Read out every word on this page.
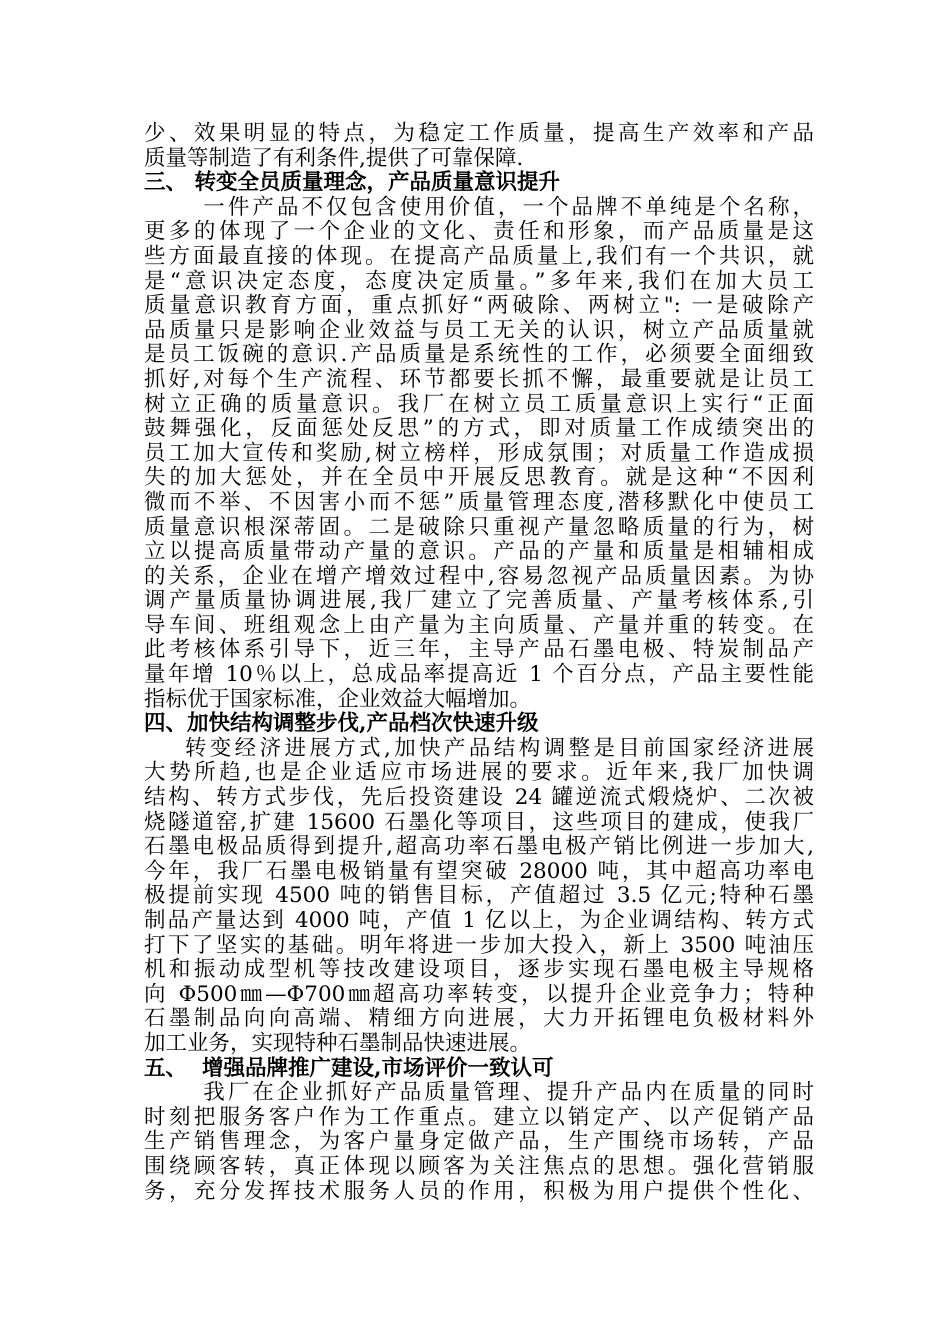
少、效果明显的特点，为稳定工作质量，提高生产效率和产品
质量等制造了有利条件,提供了可靠保障.
三、 转变全员质量理念，产品质量意识提升
一件产品不仅包含使用价值，一个品牌不单纯是个名称，
更多的体现了一个企业的文化、责任和形象，而产品质量是这
些方面最直接的体现。在提高产品质量上,我们有一个共识，就
是“意识决定态度，态度决定质量。”多年来,我们在加大员工
质量意识教育方面，重点抓好“两破除、两树立": 一是破除产
品质量只是影响企业效益与员工无关的认识，树立产品质量就
是员工饭碗的意识.产品质量是系统性的工作，必须要全面细致
抓好,对每个生产流程、环节都要长抓不懈，最重要就是让员工
树立正确的质量意识。我厂在树立员工质量意识上实行“正面
鼓舞强化，反面惩处反思”的方式，即对质量工作成绩突出的
员工加大宣传和奖励,树立榜样，形成氛围；对质量工作造成损
失的加大惩处，并在全员中开展反思教育。就是这种“不因利
微而不举、不因害小而不惩”质量管理态度,潜移默化中使员工
质量意识根深蒂固。二是破除只重视产量忽略质量的行为，树
立以提高质量带动产量的意识。产品的产量和质量是相辅相成
的关系，企业在增产增效过程中,容易忽视产品质量因素。为协
调产量质量协调进展,我厂建立了完善质量、产量考核体系,引
导车间、班组观念上由产量为主向质量、产量并重的转变。在
此考核体系引导下，近三年，主导产品石墨电极、特炭制品产
量年增 10％以上，总成品率提高近 1 个百分点，产品主要性能
指标优于国家标准，企业效益大幅增加。
四、加快结构调整步伐,产品档次快速升级
转变经济进展方式,加快产品结构调整是目前国家经济进展
大势所趋,也是企业适应市场进展的要求。近年来,我厂加快调
结构、转方式步伐，先后投资建设 24 罐逆流式煅烧炉、二次被
烧隧道窑,扩建 15600 石墨化等项目，这些项目的建成，使我厂
石墨电极品质得到提升,超高功率石墨电极产销比例进一步加大,
今年，我厂石墨电极销量有望突破 28000 吨，其中超高功率电
极提前实现 4500 吨的销售目标，产值超过 3.5 亿元;特种石墨
制品产量达到 4000 吨，产值 1 亿以上，为企业调结构、转方式
打下了坚实的基础。明年将进一步加大投入，新上 3500 吨油压
机和振动成型机等技改建设项目，逐步实现石墨电极主导规格
向 Φ500㎜—Φ700㎜超高功率转变，以提升企业竞争力；特种
石墨制品向向高端、精细方向进展，大力开拓锂电负极材料外
加工业务，实现特种石墨制品快速进展。
五、  增强品牌推广建设,市场评价一致认可
我厂在企业抓好产品质量管理、提升产品内在质量的同时
时刻把服务客户作为工作重点。建立以销定产、以产促销产品
生产销售理念，为客户量身定做产品，生产围绕市场转，产品
围绕顾客转，真正体现以顾客为关注焦点的思想。强化营销服
务，充分发挥技术服务人员的作用，积极为用户提供个性化、
